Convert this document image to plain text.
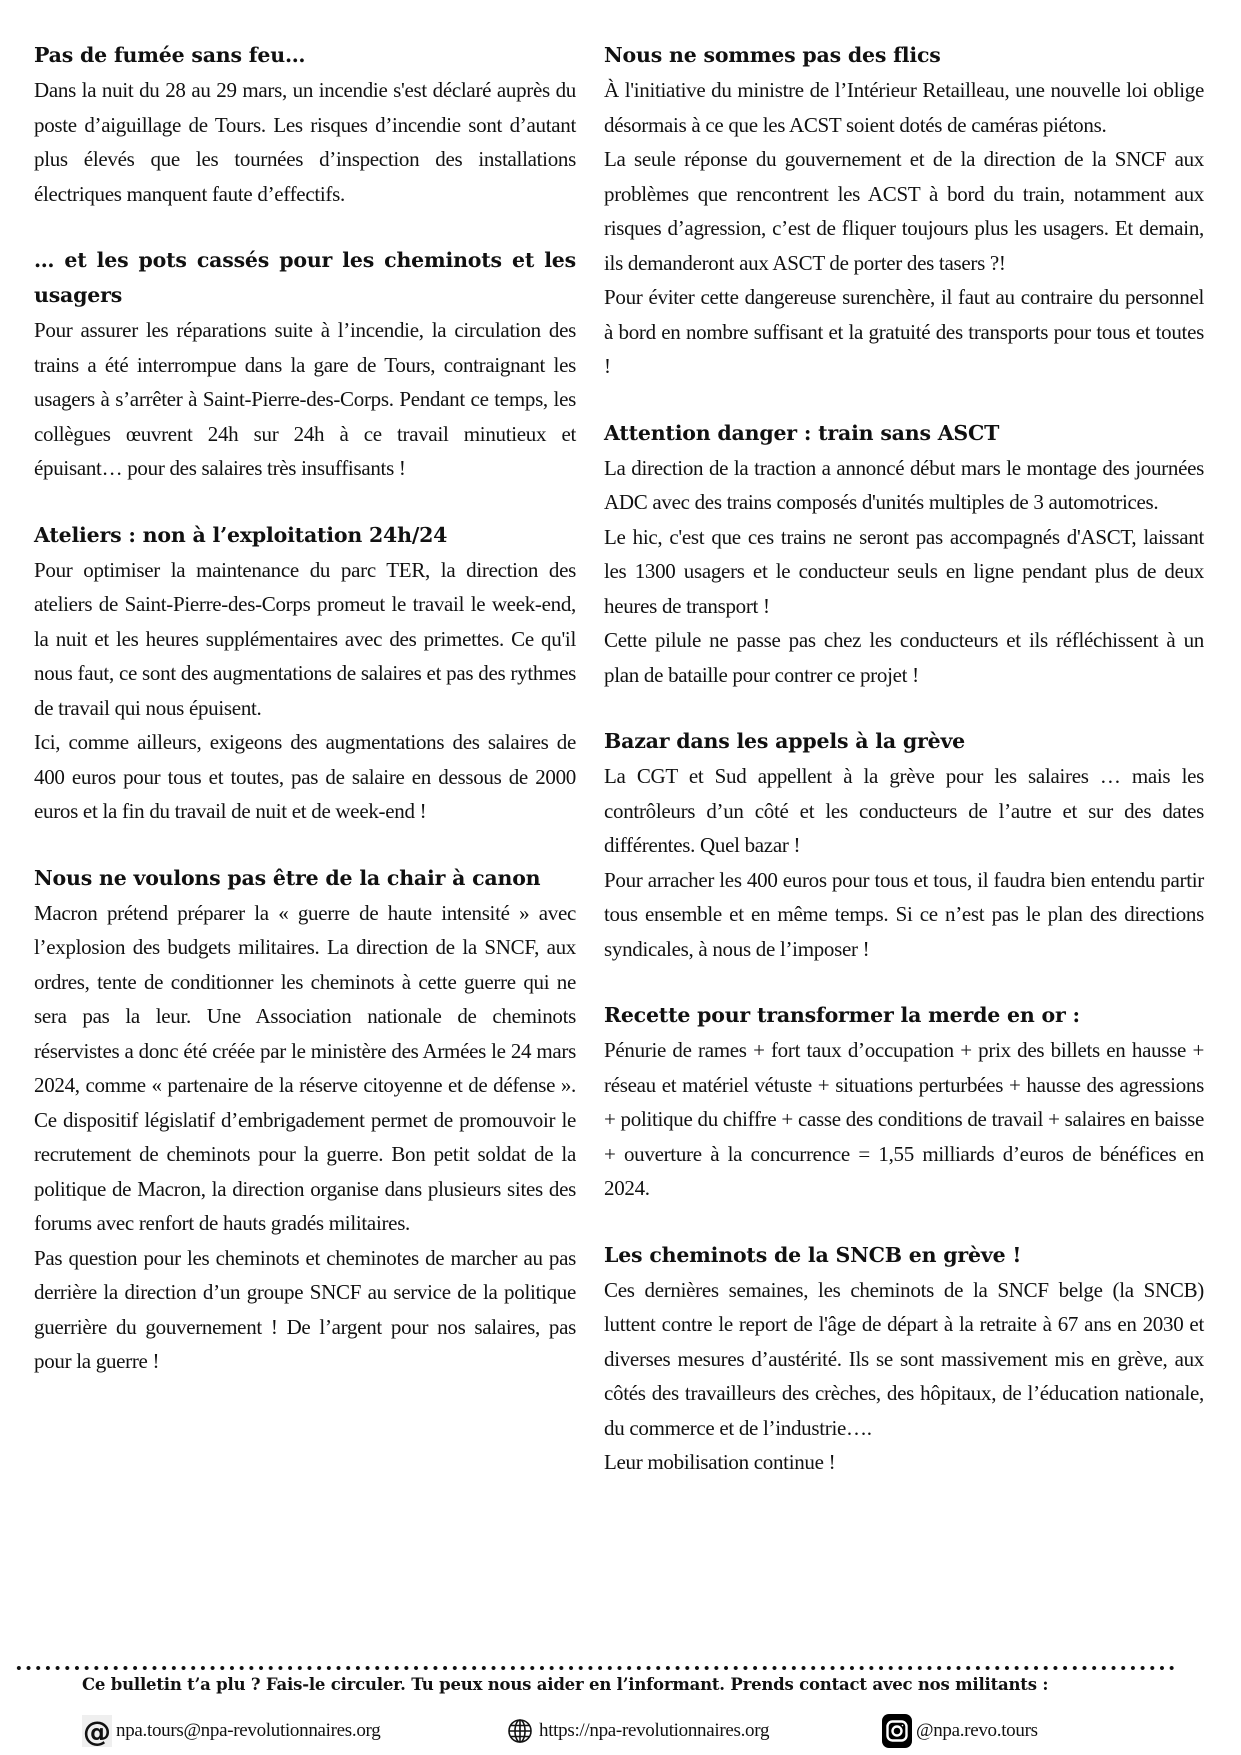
Pas de fumée sans feu…

Dans la nuit du 28 au 29 mars, un incendie s'est déclaré auprès du poste d’aiguillage de Tours. Les risques d’incendie sont d’autant plus élevés que les tournées d’inspection des installations électriques manquent faute d’effectifs.

… et les pots cassés pour les cheminots et les usagers

Pour assurer les réparations suite à l’incendie, la circulation des trains a été interrompue dans la gare de Tours, contraignant les usagers à s’arrêter à Saint-Pierre-des-Corps. Pendant ce temps, les collègues œuvrent 24h sur 24h à ce travail minutieux et épuisant… pour des salaires très insuffisants !

Ateliers : non à l’exploitation 24h/24

Pour optimiser la maintenance du parc TER, la direction des ateliers de Saint-Pierre-des-Corps promeut le travail le week-end, la nuit et les heures supplémentaires avec des primettes. Ce qu'il nous faut, ce sont des augmentations de salaires et pas des rythmes de travail qui nous épuisent.

Ici, comme ailleurs, exigeons des augmentations des salaires de 400 euros pour tous et toutes, pas de salaire en dessous de 2000 euros et la fin du travail de nuit et de week-end !

Nous ne voulons pas être de la chair à canon

Macron prétend préparer la « guerre de haute intensité » avec l’explosion des budgets militaires. La direction de la SNCF, aux ordres, tente de conditionner les cheminots à cette guerre qui ne sera pas la leur. Une Association nationale de cheminots réservistes a donc été créée par le ministère des Armées le 24 mars 2024, comme « partenaire de la réserve citoyenne et de défense ». Ce dispositif législatif d’embrigadement permet de promouvoir le recrutement de cheminots pour la guerre. Bon petit soldat de la politique de Macron, la direction organise dans plusieurs sites des forums avec renfort de hauts gradés militaires.

Pas question pour les cheminots et cheminotes de marcher au pas derrière la direction d’un groupe SNCF au service de la politique guerrière du gouvernement ! De l’argent pour nos salaires, pas pour la guerre !

Nous ne sommes pas des flics

À l'initiative du ministre de l’Intérieur Retailleau, une nouvelle loi oblige désormais à ce que les ACST soient dotés de caméras piétons.

La seule réponse du gouvernement et de la direction de la SNCF aux problèmes que rencontrent les ACST à bord du train, notamment aux risques d’agression, c’est de fliquer toujours plus les usagers. Et demain, ils demanderont aux ASCT de porter des tasers ?!

Pour éviter cette dangereuse surenchère, il faut au contraire du personnel à bord en nombre suffisant et la gratuité des transports pour tous et toutes !

Attention danger : train sans ASCT

La direction de la traction a annoncé début mars le montage des journées ADC avec des trains composés d'unités multiples de 3 automotrices.

Le hic, c'est que ces trains ne seront pas accompagnés d'ASCT, laissant les 1300 usagers et le conducteur seuls en ligne pendant plus de deux heures de transport !

Cette pilule ne passe pas chez les conducteurs et ils réfléchissent à un plan de bataille pour contrer ce projet !

Bazar dans les appels à la grève

La CGT et Sud appellent à la grève pour les salaires … mais les contrôleurs d’un côté et les conducteurs de l’autre et sur des dates différentes. Quel bazar !

Pour arracher les 400 euros pour tous et tous, il faudra bien entendu partir tous ensemble et en même temps. Si ce n’est pas le plan des directions syndicales, à nous de l’imposer !

Recette pour transformer la merde en or :

Pénurie de rames + fort taux d’occupation + prix des billets en hausse + réseau et matériel vétuste + situations perturbées + hausse des agressions + politique du chiffre + casse des conditions de travail + salaires en baisse + ouverture à la concurrence = 1,55 milliards d’euros de bénéfices en 2024.

Les cheminots de la SNCB en grève !

Ces dernières semaines, les cheminots de la SNCF belge (la SNCB) luttent contre le report de l'âge de départ à la retraite à 67 ans en 2030 et diverses mesures d’austérité. Ils se sont massivement mis en grève, aux côtés des travailleurs des crèches, des hôpitaux, de l’éducation nationale, du commerce et de l’industrie….

Leur mobilisation continue !

Ce bulletin t’a plu ? Fais-le circuler. Tu peux nous aider en l’informant. Prends contact avec nos militants :
@ npa.tours@npa-revolutionnaires.org	https://npa-revolutionnaires.org	@npa.revo.tours
